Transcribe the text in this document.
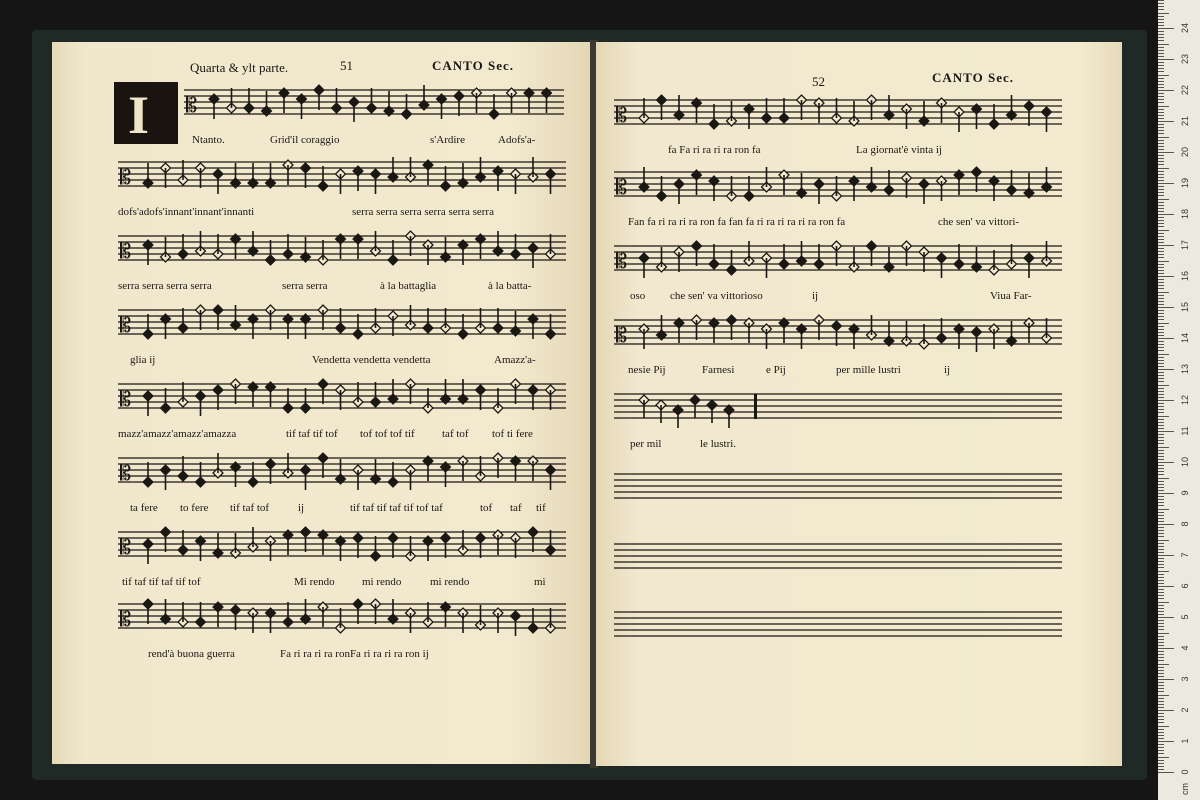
Quarta & ylt parte.	51	CANTO Sec.
I
52	CANTO Sec.
𝄡
Ntanto.	Grid'il coraggio	s'Ardire	Adofs'a-
𝄡
dofs'adofs'innant'innant'innanti	serra serra serra serra serra serra
𝄡
serra serra serra serra	serra serra	à la battaglia	à la batta-
𝄡
glia ij	Vendetta vendetta vendetta	Amazz'a-
𝄡
mazz'amazz'amazz'amazza	tif taf tif tof tof tof tof tif taf tof tof ti fere
𝄡
ta fere to fere tif taf tof	ij	tif taf tif taf tif tof taf	tof taf tif
𝄡
tif taf tif taf tif tof	Mi rendo mi rendo	mi rendo	mi
𝄡
rend'à buona guerra	Fa ri ra ri ra ronFa ri ra ri ra ron ij
𝄡
fa Fa ri ra ri ra ron fa	La giornat'è vinta ij
𝄡
Fan fa ri ra ri ra ron fa fan fa ri ra ri ra ri ra ron fa	che sen' va vittori-
𝄡
oso che sen' va vittorioso	ij	Viua Far-
𝄡
nesie Pij	Farnesi	e Pij	per mille lustri	ij
per mil	le lustri.
0
1
2
3
4
5
6
7
8
9
10
11
12
13
14
15
16
17
18
19
20
21
22
23
24
cm
